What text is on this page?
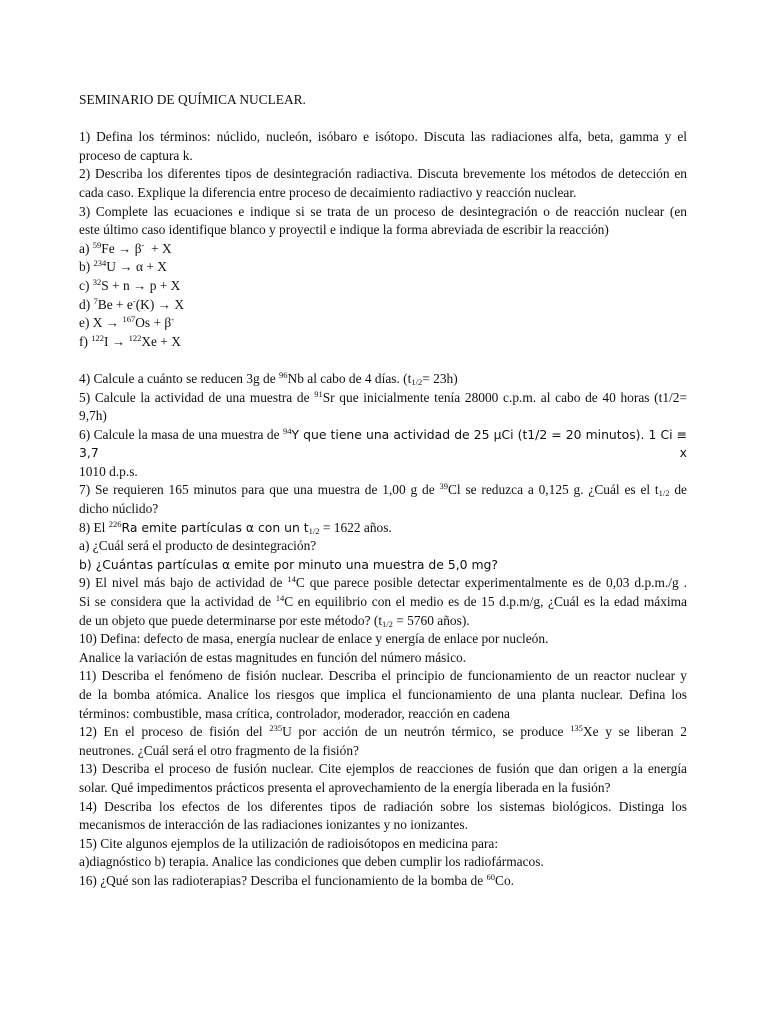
SEMINARIO DE QUÍMICA NUCLEAR.
1) Defina los términos: núclido, nucleón, isóbaro e isótopo. Discuta las radiaciones alfa, beta, gamma y el
proceso de captura k.
2) Describa los diferentes tipos de desintegración radiactiva. Discuta brevemente los métodos de detección en
cada caso. Explique la diferencia entre proceso de decaimiento radiactivo y reacción nuclear.
3) Complete las ecuaciones e indique si se trata de un proceso de desintegración o de reacción nuclear (en
este último caso identifique blanco y proyectil e indique la forma abreviada de escribir la reacción)
a) $^{59}$Fe → β-  + X
b) $^{234}$U → α + X
c) $^{32}$S + n → p + X
d) $^7$Be + e-(K) → X
e) X → $^{167}$Os + β-
f) $^{122}$I → $^{122}$Xe + X
4) Calcule a cuánto se reducen 3g de $^{96}$Nb al cabo de 4 días. $(t_{1/2}= 23h)$
5) Calcule la actividad de una muestra de $^{91}$Sr que inicialmente tenía 28000 c.p.m. al cabo de 40 horas (t1/2=
9,7h)
6) Calcule la masa de una muestra de $^{94}$Y que tiene una actividad de 25 μCi (t1/2 = 20 minutos). 1 Ci ≡ 3,7 x
1010 d.p.s.
7) Se requieren 165 minutos para que una muestra de 1,00 g de $^{39}$Cl se reduzca a 0,125 g. ¿Cuál es el $t_{1/2}$ de
dicho núclido?
8) El $^{226}$Ra emite partículas α con un $t_{1/2} = 1622$ años.
a) ¿Cuál será el producto de desintegración?
b) ¿Cuántas partículas α emite por minuto una muestra de 5,0 mg?
9) El nivel más bajo de actividad de $^{14}$C que parece posible detectar experimentalmente es de 0,03 d.p.m./g .
Si se considera que la actividad de $^{14}$C en equilibrio con el medio es de 15 d.p.m/g, ¿Cuál es la edad máxima
de un objeto que puede determinarse por este método? ($t_{1/2} = 5760$ años).
10) Defina: defecto de masa, energía nuclear de enlace y energía de enlace por nucleón.
Analice la variación de estas magnitudes en función del número másico.
11) Describa el fenómeno de fisión nuclear. Describa el principio de funcionamiento de un reactor nuclear y
de la bomba atómica. Analice los riesgos que implica el funcionamiento de una planta nuclear. Defina los
términos: combustible, masa crítica, controlador, moderador, reacción en cadena
12) En el proceso de fisión del $^{235}$U por acción de un neutrón térmico, se produce $^{135}$Xe y se liberan 2
neutrones. ¿Cuál será el otro fragmento de la fisión?
13) Describa el proceso de fusión nuclear. Cite ejemplos de reacciones de fusión que dan origen a la energía
solar. Qué impedimentos prácticos presenta el aprovechamiento de la energía liberada en la fusión?
14) Describa los efectos de los diferentes tipos de radiación sobre los sistemas biológicos. Distinga los
mecanismos de interacción de las radiaciones ionizantes y no ionizantes.
15) Cite algunos ejemplos de la utilización de radioisótopos en medicina para:
a)diagnóstico b) terapia. Analice las condiciones que deben cumplir los radiofármacos.
16) ¿Qué son las radioterapias? Describa el funcionamiento de la bomba de $^{60}$Co.
